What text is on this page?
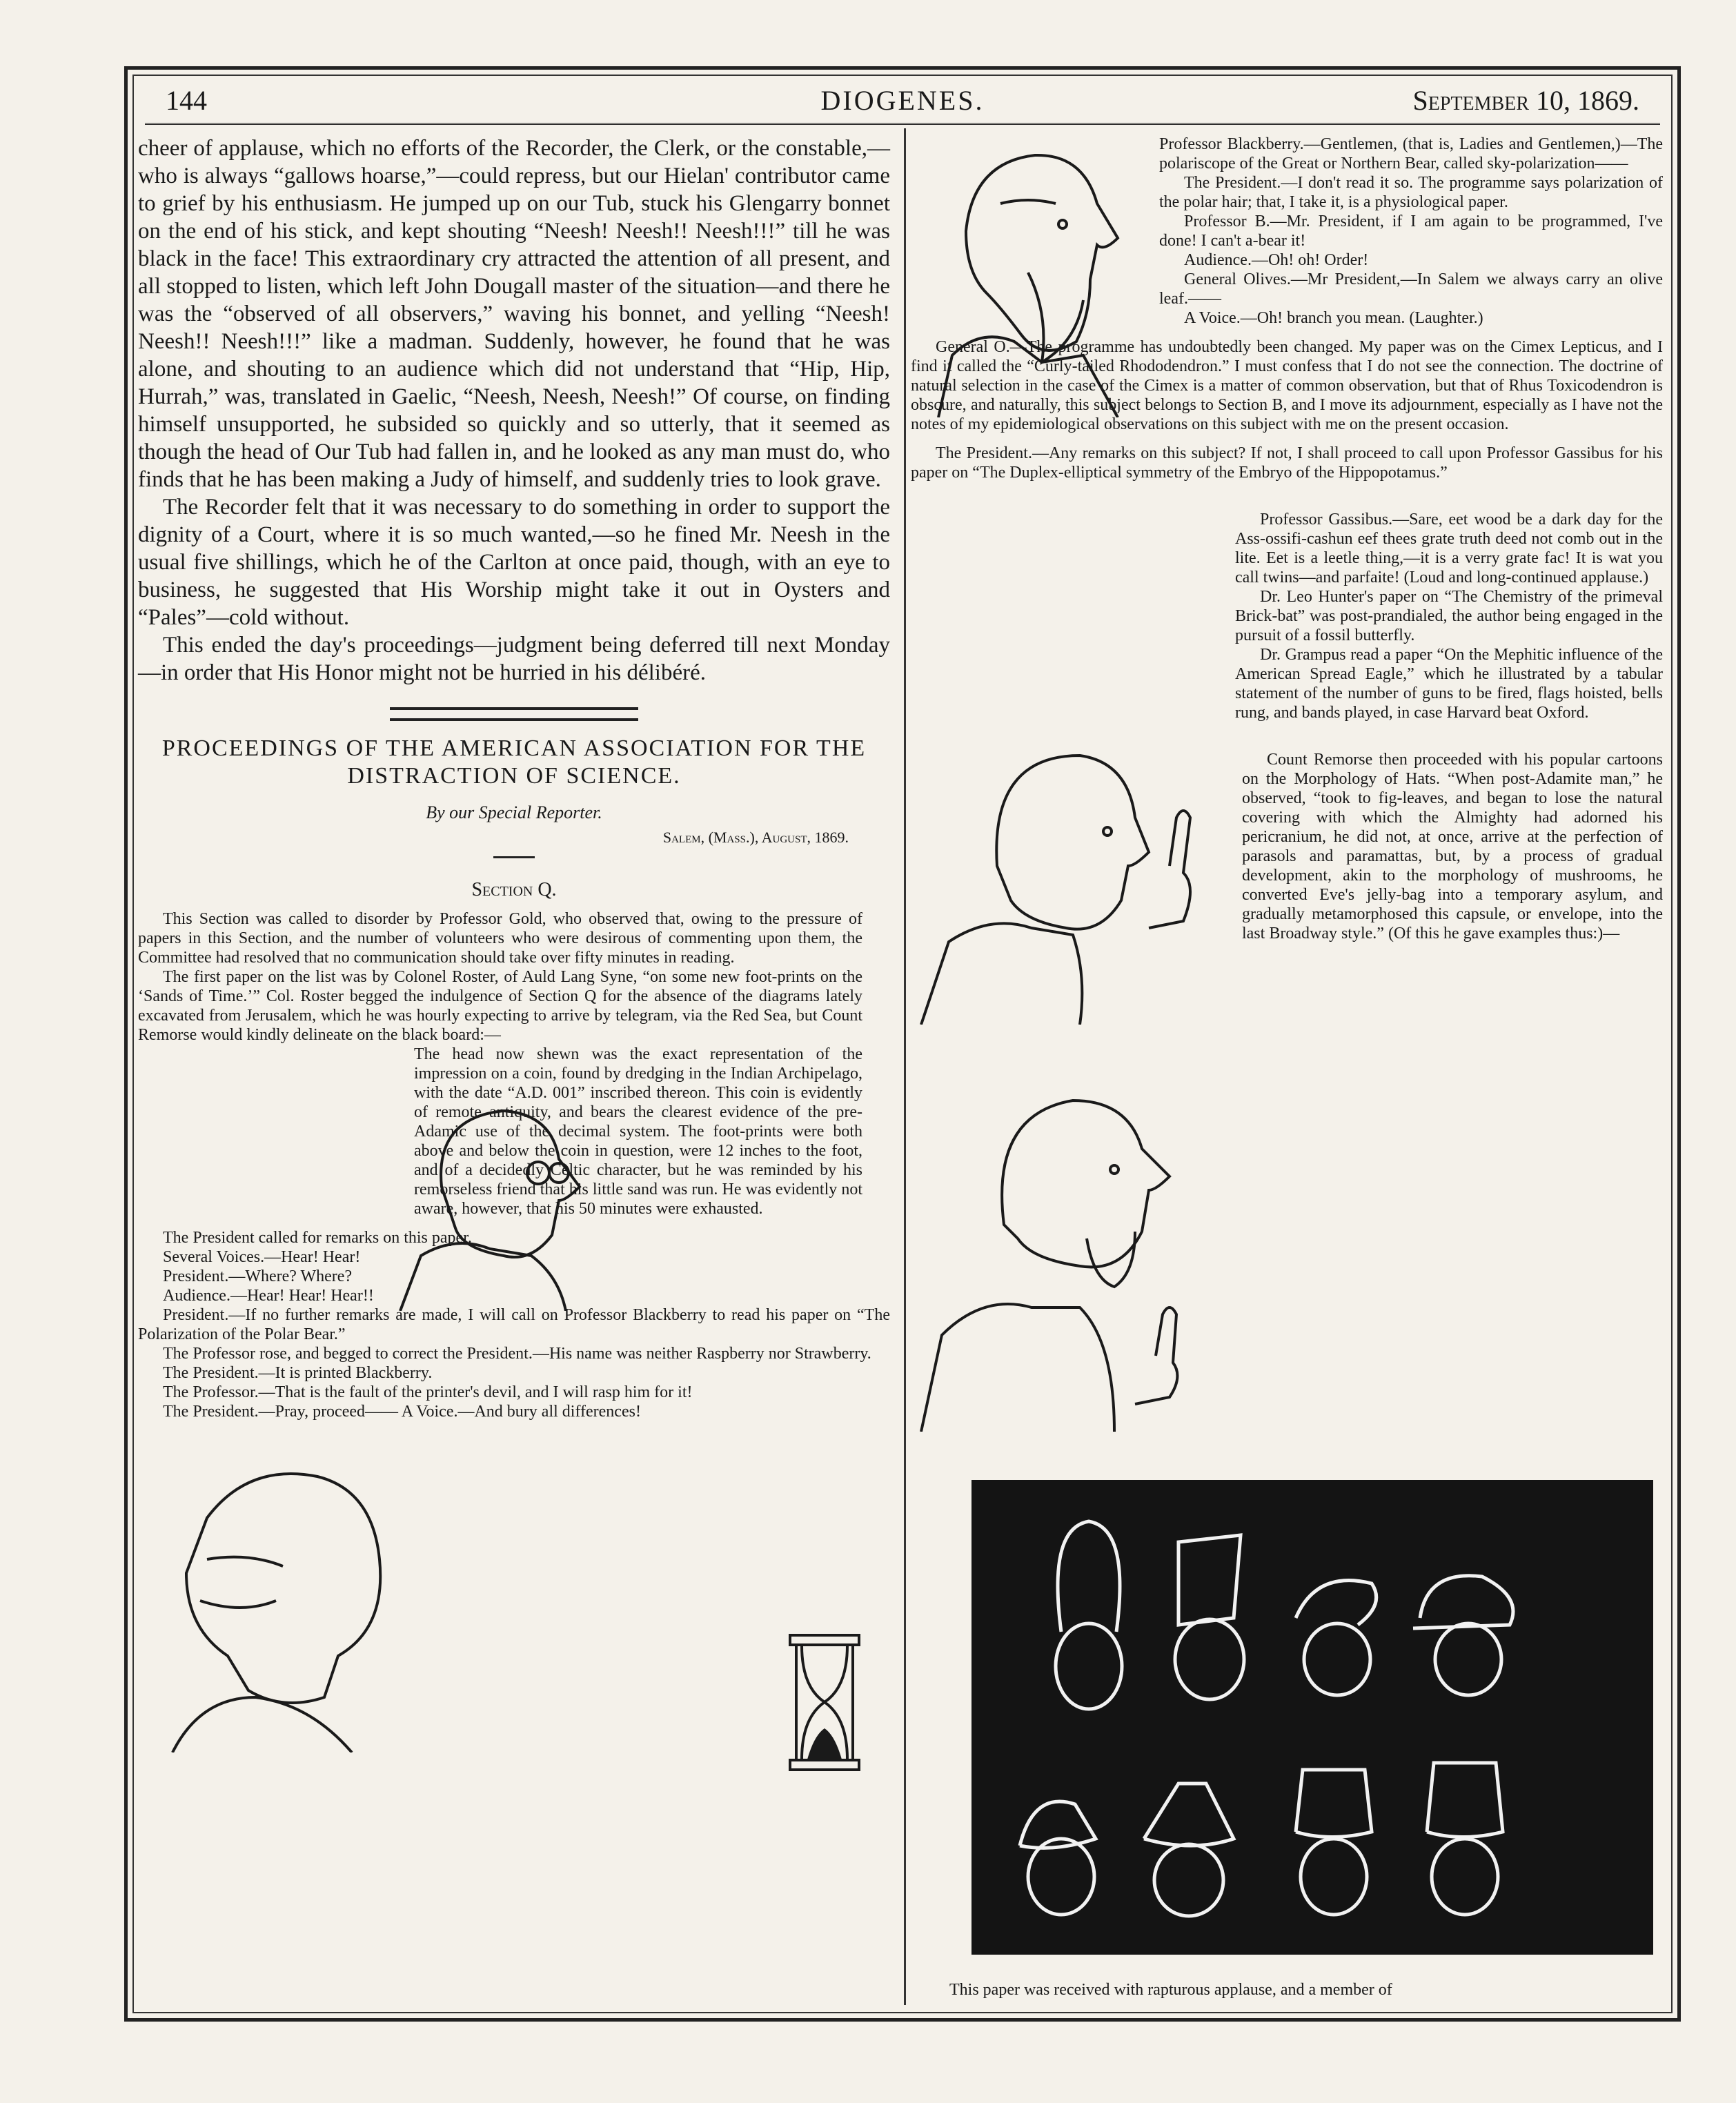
144	DIOGENES.	September 10, 1869.

cheer of applause, which no efforts of the Recorder, the Clerk, or the constable,—who is always “gallows hoarse,”—could repress, but our Hielan' contributor came to grief by his enthusiasm. He jumped up on our Tub, stuck his Glengarry bonnet on the end of his stick, and kept shouting “Neesh! Neesh!! Neesh!!!” till he was black in the face! This extraordinary cry attracted the attention of all present, and all stopped to listen, which left John Dougall master of the situation—and there he was the “observed of all observers,” waving his bonnet, and yelling “Neesh! Neesh!! Neesh!!!” like a madman. Suddenly, however, he found that he was alone, and shouting to an audience which did not understand that “Hip, Hip, Hurrah,” was, translated in Gaelic, “Neesh, Neesh, Neesh!” Of course, on finding himself unsupported, he subsided so quickly and so utterly, that it seemed as though the head of Our Tub had fallen in, and he looked as any man must do, who finds that he has been making a Judy of himself, and suddenly tries to look grave.

The Recorder felt that it was necessary to do something in order to support the dignity of a Court, where it is so much wanted,—so he fined Mr. Neesh in the usual five shillings, which he of the Carlton at once paid, though, with an eye to business, he suggested that His Worship might take it out in Oysters and “Pales”—cold without.

This ended the day's proceedings—judgment being deferred till next Monday—in order that His Honor might not be hurried in his délibéré.

PROCEEDINGS OF THE AMERICAN ASSOCIATION FOR THE DISTRACTION OF SCIENCE.
By our Special Reporter.
Salem, (Mass.), August, 1869.
Section Q.

This Section was called to disorder by Professor Gold, who observed that, owing to the pressure of papers in this Section, and the number of volunteers who were desirous of commenting upon them, the Committee had resolved that no communication should take over fifty minutes in reading.

The first paper on the list was by Colonel Roster, of Auld Lang Syne, “on some new foot-prints on the ‘Sands of Time.’” Col. Roster begged the indulgence of Section Q for the absence of the diagrams lately excavated from Jerusalem, which he was hourly expecting to arrive by telegram, via the Red Sea, but Count Remorse would kindly delineate on the black board:—

The head now shewn was the exact representation of the impression on a coin, found by dredging in the Indian Archipelago, with the date “A.D. 001” inscribed thereon. This coin is evidently of remote antiquity, and bears the clearest evidence of the pre-Adamic use of the decimal system. The foot-prints were both above and below the coin in question, were 12 inches to the foot, and of a decidedly Celtic character, but he was reminded by his remorseless friend that his little sand was run. He was evidently not aware, however, that his 50 minutes were exhausted.

The President called for remarks on this paper.

Several Voices.—Hear! Hear!

President.—Where? Where?

Audience.—Hear! Hear! Hear!!

President.—If no further remarks are made, I will call on Professor Blackberry to read his paper on “The Polarization of the Polar Bear.”

The Professor rose, and begged to correct the President.—His name was neither Raspberry nor Strawberry.

The President.—It is printed Blackberry.

The Professor.—That is the fault of the printer's devil, and I will rasp him for it!

The President.—Pray, proceed—— A Voice.—And bury all differences!

Professor Blackberry.—Gentlemen, (that is, Ladies and Gentlemen,)—The polariscope of the Great or Northern Bear, called sky-polarization——

The President.—I don't read it so. The programme says polarization of the polar hair; that, I take it, is a physiological paper.

Professor B.—Mr. President, if I am again to be programmed, I've done! I can't a-bear it!

Audience.—Oh! oh! Order!

General Olives.—Mr President,—In Salem we always carry an olive leaf.——

A Voice.—Oh! branch you mean. (Laughter.)

General O.—The programme has undoubtedly been changed. My paper was on the Cimex Lepticus, and I find it called the “Curly-tailed Rhododendron.” I must confess that I do not see the connection. The doctrine of natural selection in the case of the Cimex is a matter of common observation, but that of Rhus Toxicodendron is obscure, and naturally, this subject belongs to Section B, and I move its adjournment, especially as I have not the notes of my epidemiological observations on this subject with me on the present occasion.

The President.—Any remarks on this subject? If not, I shall proceed to call upon Professor Gassibus for his paper on “The Duplex-elliptical symmetry of the Embryo of the Hippopotamus.”

Professor Gassibus.—Sare, eet wood be a dark day for the Ass-ossifi-cashun eef thees grate truth deed not comb out in the lite. Eet is a leetle thing,—it is a verry grate fac! It is wat you call twins—and parfaite! (Loud and long-continued applause.)

Dr. Leo Hunter's paper on “The Chemistry of the primeval Brick-bat” was post-prandialed, the author being engaged in the pursuit of a fossil butterfly.

Dr. Grampus read a paper “On the Mephitic influence of the American Spread Eagle,” which he illustrated by a tabular statement of the number of guns to be fired, flags hoisted, bells rung, and bands played, in case Harvard beat Oxford.

Count Remorse then proceeded with his popular cartoons on the Morphology of Hats. “When post-Adamite man,” he observed, “took to fig-leaves, and began to lose the natural covering with which the Almighty had adorned his pericranium, he did not, at once, arrive at the perfection of parasols and paramattas, but, by a process of gradual development, akin to the morphology of mushrooms, he converted Eve's jelly-bag into a temporary asylum, and gradually metamorphosed this capsule, or envelope, into the last Broadway style.” (Of this he gave examples thus:)—

This paper was received with rapturous applause, and a member of
